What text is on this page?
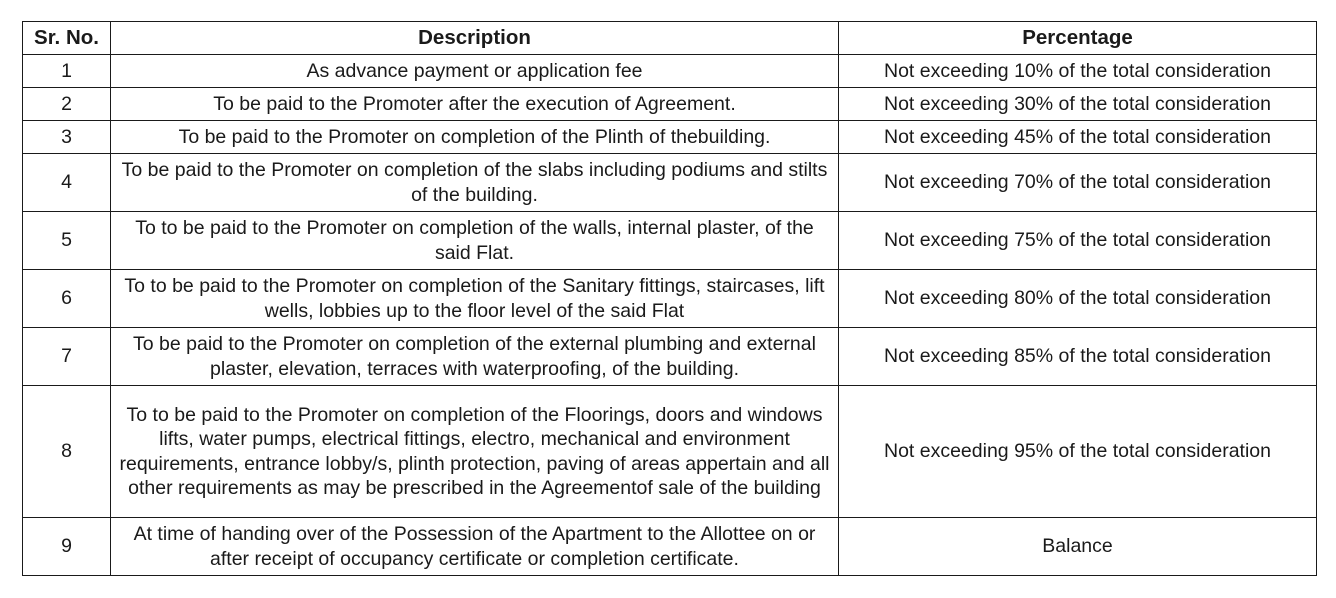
Sr. No.	Description	Percentage
1	As advance payment or application fee	Not exceeding 10% of the total consideration
2	To be paid to the Promoter after the execution of Agreement.	Not exceeding 30% of the total consideration
3	To be paid to the Promoter on completion of the Plinth of thebuilding.	Not exceeding 45% of the total consideration
4	To be paid to the Promoter on completion of the slabs including podiums and stilts of the building.	Not exceeding 70% of the total consideration
5	To to be paid to the Promoter on completion of the walls, internal plaster, of the said Flat.	Not exceeding 75% of the total consideration
6	To to be paid to the Promoter on completion of the Sanitary fittings, staircases, lift wells, lobbies up to the floor level of the said Flat	Not exceeding 80% of the total consideration
7	To be paid to the Promoter on completion of the external plumbing and external plaster, elevation, terraces with waterproofing, of the building.	Not exceeding 85% of the total consideration
8	To to be paid to the Promoter on completion of the Floorings, doors and windows lifts, water pumps, electrical fittings, electro, mechanical and environment requirements, entrance lobby/s, plinth protection, paving of areas appertain and all other requirements as may be prescribed in the Agreementof sale of the building	Not exceeding 95% of the total consideration
9	At time of handing over of the Possession of the Apartment to the Allottee on or after receipt of occupancy certificate or completion certificate.	Balance
